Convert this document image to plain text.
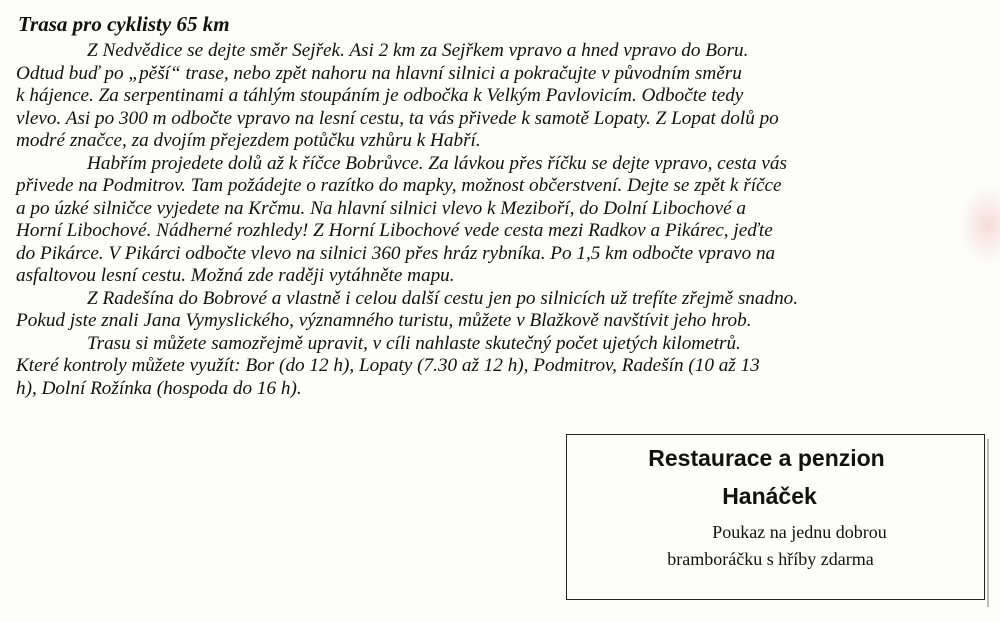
Trasa pro cyklisty 65 km
Z Nedvědice se dejte směr Sejřek. Asi 2 km za Sejřkem vpravo a hned vpravo do Boru.
Odtud buď po „pěší“ trase, nebo zpět nahoru na hlavní silnici a pokračujte v původním směru
k hájence. Za serpentinami a táhlým stoupáním je odbočka k Velkým Pavlovicím. Odbočte tedy
vlevo. Asi po 300 m odbočte vpravo na lesní cestu, ta vás přivede k samotě Lopaty. Z Lopat dolů po
modré značce, za dvojím přejezdem potůčku vzhůru k Habří.
Habřím projedete dolů až k říčce Bobrůvce. Za lávkou přes říčku se dejte vpravo, cesta vás
přivede na Podmitrov. Tam požádejte o razítko do mapky, možnost občerstvení. Dejte se zpět k říčce
a po úzké silničce vyjedete na Krčmu. Na hlavní silnici vlevo k Meziboří, do Dolní Libochové a
Horní Libochové. Nádherné rozhledy! Z Horní Libochové vede cesta mezi Radkov a Pikárec, jeďte
do Pikárce. V Pikárci odbočte vlevo na silnici 360 přes hráz rybníka. Po 1,5 km odbočte vpravo na
asfaltovou lesní cestu. Možná zde raději vytáhněte mapu.
Z Radešína do Bobrové a vlastně i celou další cestu jen po silnicích už trefíte zřejmě snadno.
Pokud jste znali Jana Vymyslického, významného turistu, můžete v Blažkově navštívit jeho hrob.
Trasu si můžete samozřejmě upravit, v cíli nahlaste skutečný počet ujetých kilometrů.
Které kontroly můžete využít: Bor (do 12 h), Lopaty (7.30 až 12 h), Podmitrov, Radešín (10 až 13
h), Dolní Rožínka (hospoda do 16 h).
Restaurace a penzion
Hanáček
Poukaz na jednu dobrou
bramboráčku s hříby zdarma
